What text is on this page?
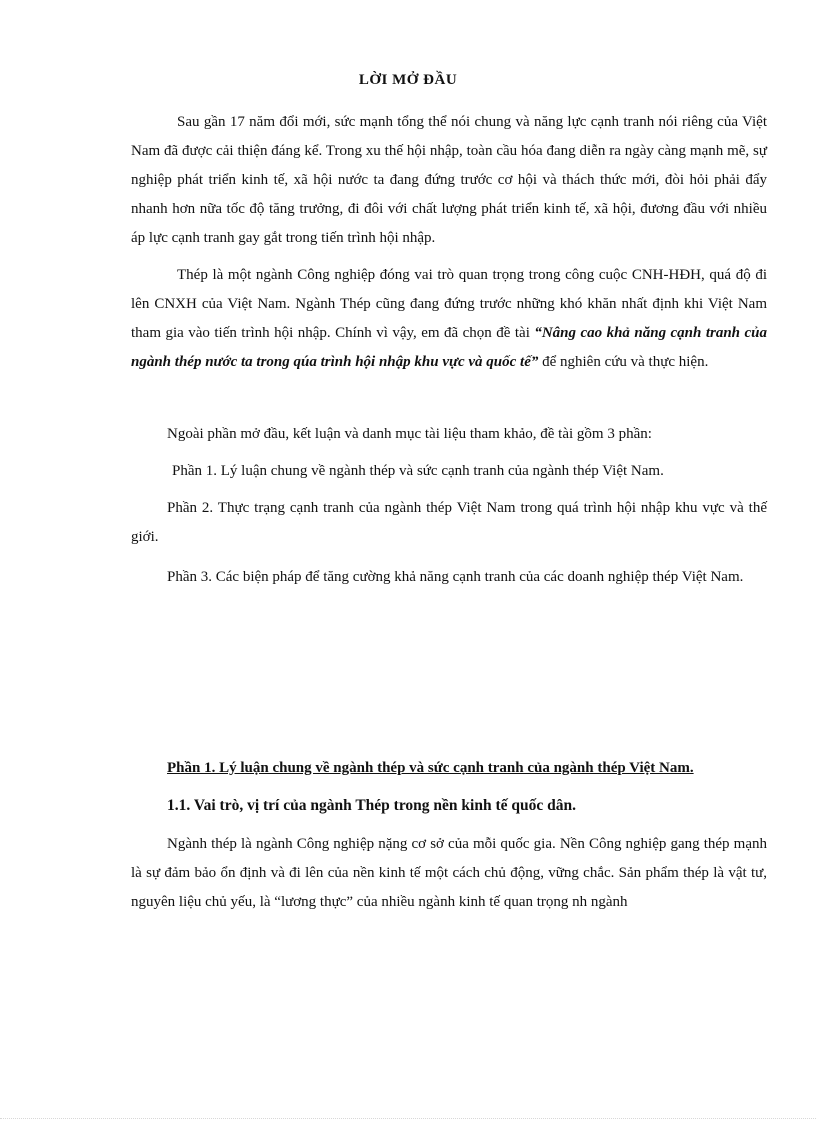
LỜI MỞ ĐẦU

Sau gần 17 năm đổi mới, sức mạnh tổng thể nói chung và năng lực cạnh tranh nói riêng của Việt Nam đã được cải thiện đáng kể. Trong xu thế hội nhập, toàn cầu hóa đang diễn ra ngày càng mạnh mẽ, sự nghiệp phát triển kinh tế, xã hội nước ta đang đứng trước cơ hội và thách thức mới, đòi hỏi phải đẩy nhanh hơn nữa tốc độ tăng trưởng, đi đôi với chất lượng phát triển kinh tế, xã hội, đương đầu với nhiều áp lực cạnh tranh gay gắt trong tiến trình hội nhập.

Thép là một ngành Công nghiệp đóng vai trò quan trọng trong công cuộc CNH-HĐH, quá độ đi lên CNXH của Việt Nam. Ngành Thép cũng đang đứng trước những khó khăn nhất định khi Việt Nam tham gia vào tiến trình hội nhập. Chính vì vậy, em đã chọn đề tài “Nâng cao khả năng cạnh tranh của ngành thép nước ta trong qúa trình hội nhập khu vực và quốc tế” để nghiên cứu và thực hiện.

Ngoài phần mở đầu, kết luận và danh mục tài liệu tham khảo, đề tài gồm 3 phần:

Phần 1. Lý luận chung về ngành thép và sức cạnh tranh của ngành thép Việt Nam.

Phần 2. Thực trạng cạnh tranh của ngành thép Việt Nam trong quá trình hội nhập khu vực và thế giới.

Phần 3. Các biện pháp để tăng cường khả năng cạnh tranh của các doanh nghiệp thép Việt Nam.

Phần 1. Lý luận chung về ngành thép và sức cạnh tranh của ngành thép Việt Nam.
1.1. Vai trò, vị trí của ngành Thép trong nền kinh tế quốc dân.

Ngành thép là ngành Công nghiệp nặng cơ sở của mỗi quốc gia. Nền Công nghiệp gang thép mạnh là sự đảm bảo ổn định và đi lên của nền kinh tế một cách chủ động, vững chắc. Sản phẩm thép là vật tư, nguyên liệu chủ yếu, là “lương thực” của nhiều ngành kinh tế quan trọng nh ngành
